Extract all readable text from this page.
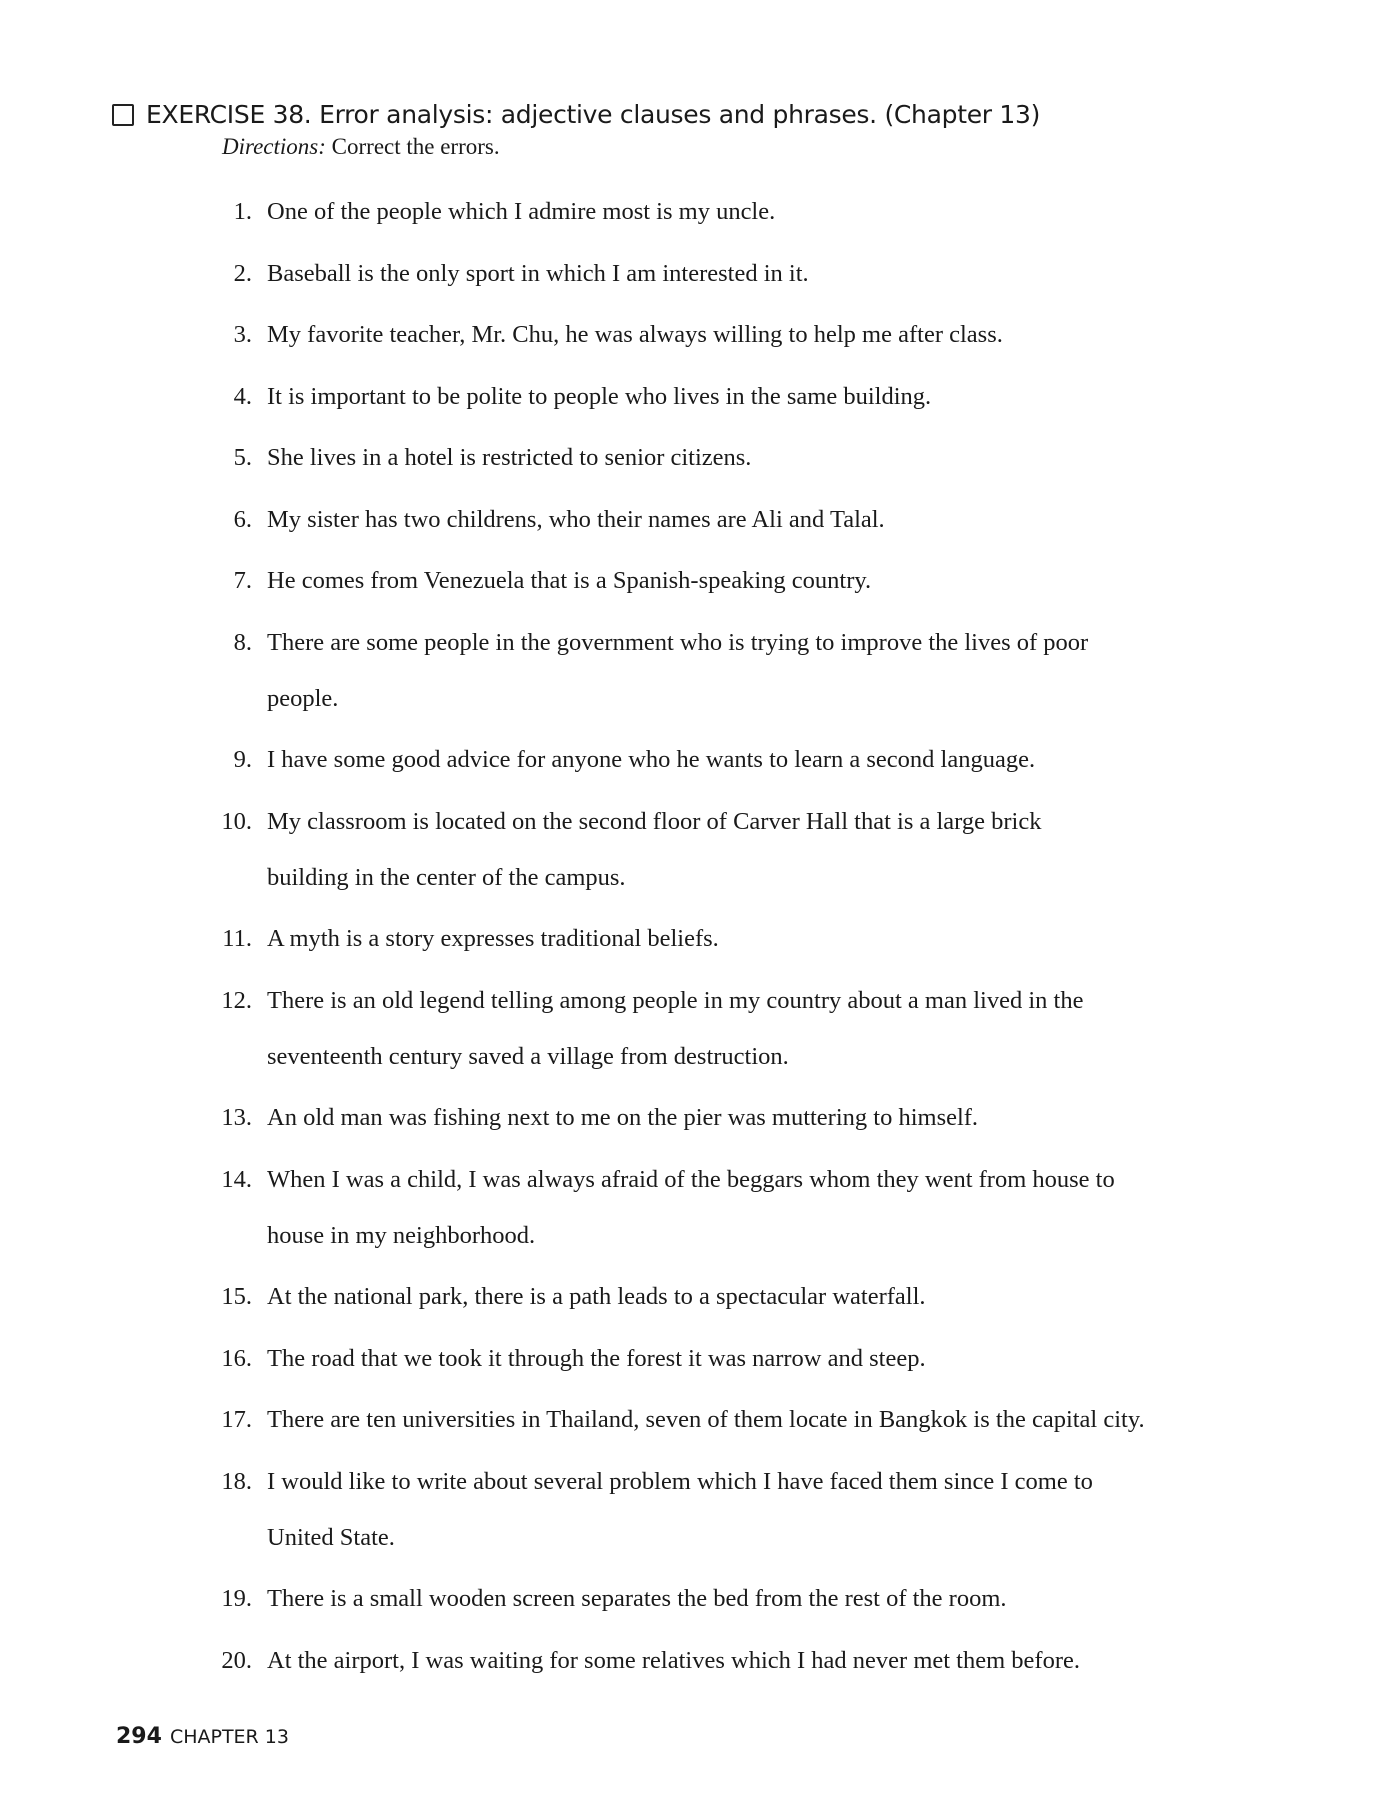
EXERCISE 38. Error analysis: adjective clauses and phrases. (Chapter 13)
Directions: Correct the errors.
1. One of the people which I admire most is my uncle.
2. Baseball is the only sport in which I am interested in it.
3. My favorite teacher, Mr. Chu, he was always willing to help me after class.
4. It is important to be polite to people who lives in the same building.
5. She lives in a hotel is restricted to senior citizens.
6. My sister has two childrens, who their names are Ali and Talal.
7. He comes from Venezuela that is a Spanish-speaking country.
8. There are some people in the government who is trying to improve the lives of poor
people.
9. I have some good advice for anyone who he wants to learn a second language.
10. My classroom is located on the second floor of Carver Hall that is a large brick
building in the center of the campus.
11. A myth is a story expresses traditional beliefs.
12. There is an old legend telling among people in my country about a man lived in the
seventeenth century saved a village from destruction.
13. An old man was fishing next to me on the pier was muttering to himself.
14. When I was a child, I was always afraid of the beggars whom they went from house to
house in my neighborhood.
15. At the national park, there is a path leads to a spectacular waterfall.
16. The road that we took it through the forest it was narrow and steep.
17. There are ten universities in Thailand, seven of them locate in Bangkok is the capital city.
18. I would like to write about several problem which I have faced them since I come to
United State.
19. There is a small wooden screen separates the bed from the rest of the room.
20. At the airport, I was waiting for some relatives which I had never met them before.
294 CHAPTER 13
